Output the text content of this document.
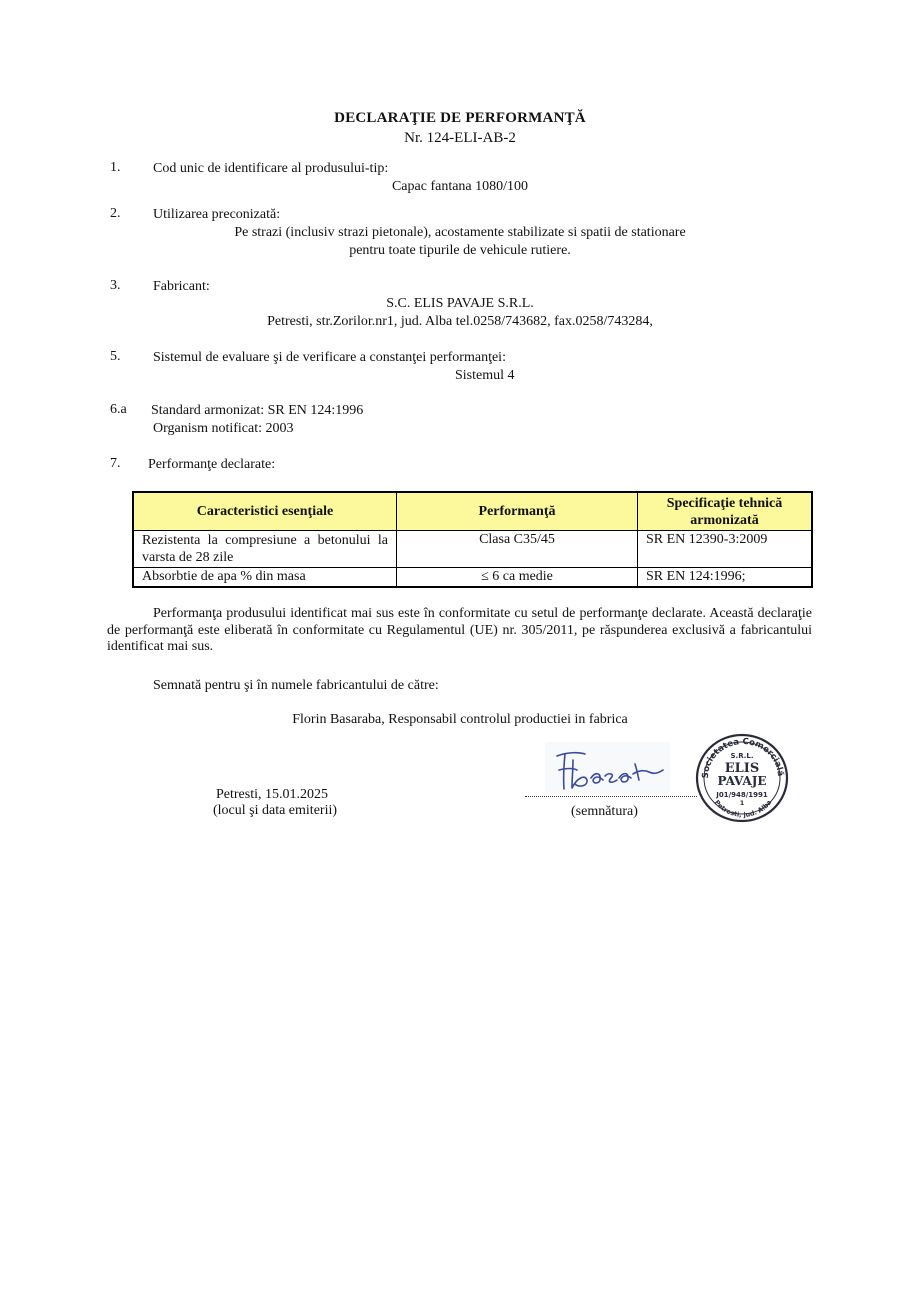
DECLARAŢIE DE PERFORMANŢĂ
Nr. 124-ELI-AB-2
1. Cod unic de identificare al produsului-tip:
Capac fantana 1080/100
2. Utilizarea preconizată:
Pe strazi (inclusiv strazi pietonale), acostamente stabilizate si spatii de stationare
pentru toate tipurile de vehicule rutiere.
3. Fabricant:
S.C. ELIS PAVAJE S.R.L.
Petresti, str.Zorilor.nr1, jud. Alba tel.0258/743682, fax.0258/743284,
5. Sistemul de evaluare şi de verificare a constanţei performanţei:
Sistemul 4
6.a Standard armonizat: SR EN 124:1996
Organism notificat: 2003
7. Performanţe declarate:
Caracteristici esenţiale	Performanţă	Specificaţie tehnică armonizată
Rezistenta la compresiune a betonului la varsta de 28 zile	Clasa C35/45	SR EN 12390-3:2009
Absorbtie de apa % din masa	≤ 6 ca medie	SR EN 124:1996;
Performanţa produsului identificat mai sus este în conformitate cu setul de performanţe declarate. Această declaraţie de performanţă este eliberată în conformitate cu Regulamentul (UE) nr. 305/2011, pe răspunderea exclusivă a fabricantului identificat mai sus.
Semnată pentru şi în numele fabricantului de către:
Florin Basaraba, Responsabil controlul productiei in fabrica
Petresti, 15.01.2025
(locul şi data emiterii)	(semnătura)
Societatea Comercială
S.R.L.
ELIS
PAVAJE
J01/948/1991
1
Petresti, jud. Alba
